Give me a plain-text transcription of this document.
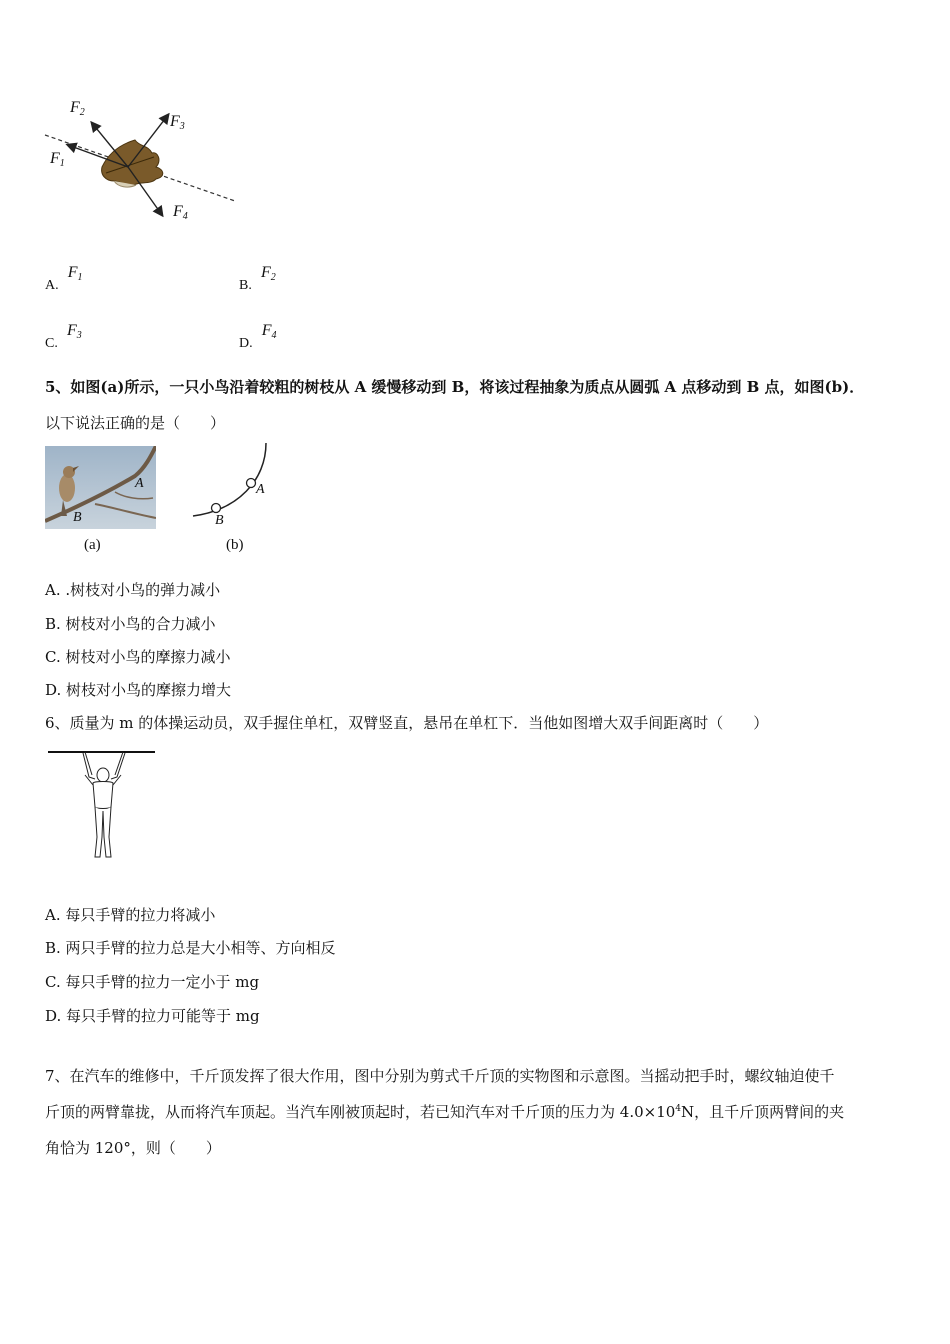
F2
F3
F1
F4
A. F1
B. F2
C. F3
D. F4
5、如图(a)所示，一只小鸟沿着较粗的树枝从 A 缓慢移动到 B，将该过程抽象为质点从圆弧 A 点移动到 B 点，如图(b)．
以下说法正确的是（　　）
A
B
(a)
A
B
(b)
A. .树枝对小鸟的弹力减小
B. 树枝对小鸟的合力减小
C. 树枝对小鸟的摩擦力减小
D. 树枝对小鸟的摩擦力增大
6、质量为 m 的体操运动员，双手握住单杠，双臂竖直，悬吊在单杠下．当他如图增大双手间距离时（　　）
A. 每只手臂的拉力将减小
B. 两只手臂的拉力总是大小相等、方向相反
C. 每只手臂的拉力一定小于 mg
D. 每只手臂的拉力可能等于 mg
7、在汽车的维修中，千斤顶发挥了很大作用，图中分别为剪式千斤顶的实物图和示意图。当摇动把手时，螺纹轴迫使千
斤顶的两臂靠拢，从而将汽车顶起。当汽车刚被顶起时，若已知汽车对千斤顶的压力为 $4.0\times 10^4N$，且千斤顶两臂间的夹
角恰为 120°，则（　　）
